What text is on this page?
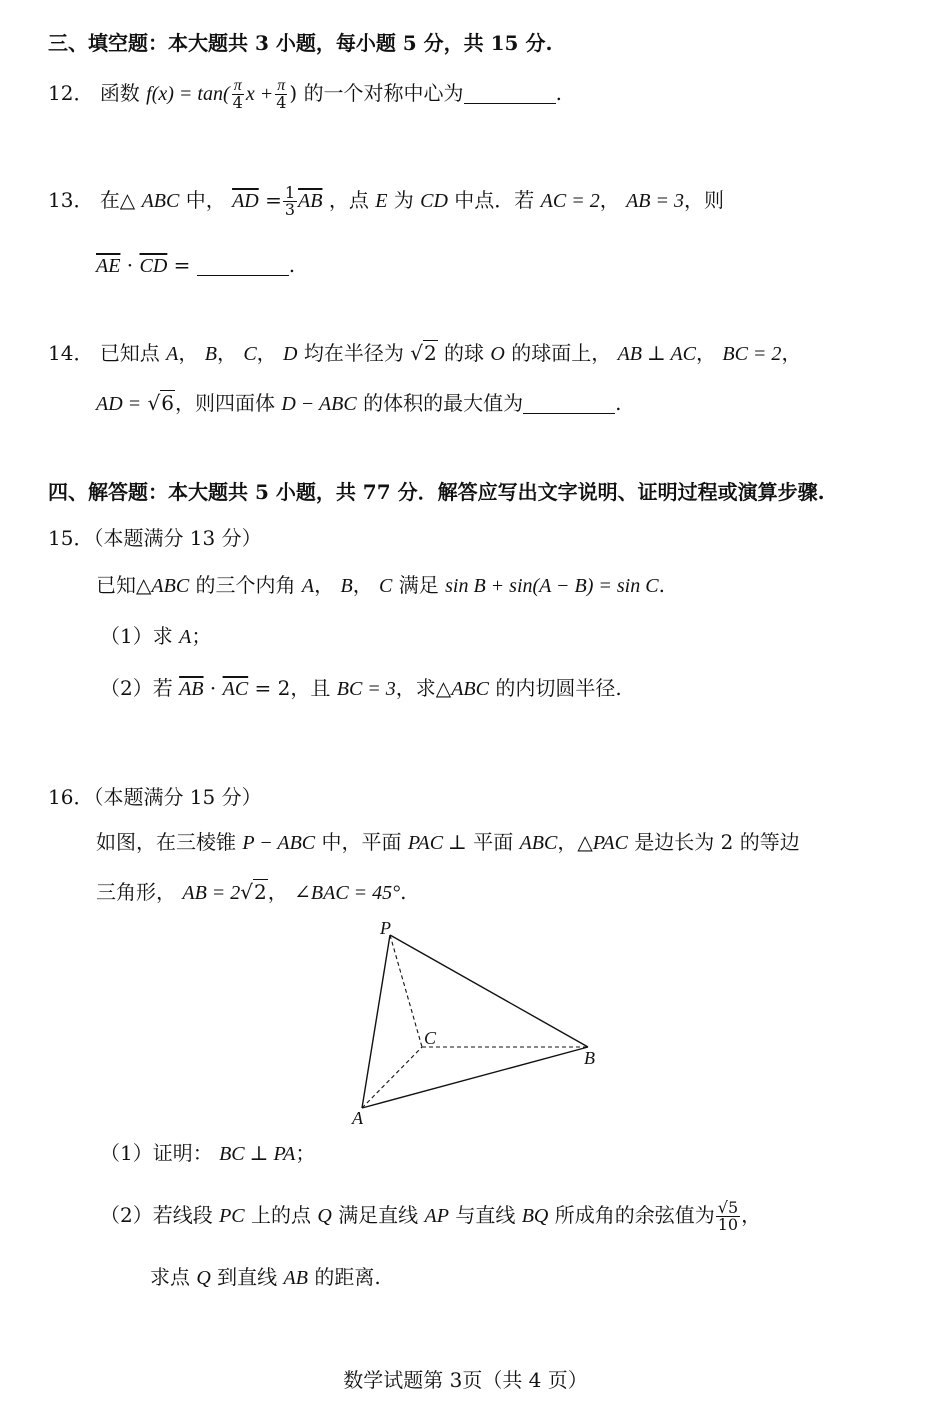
三、填空题：本大题共 3 小题，每小题 5 分，共 15 分.
12． 函数 $f(x) = \tan( \frac{\pi}{4}$ $x + \frac{\pi}{4}$ ) 的一个对称中心为	.
13． 在△ ABC 中， $\overline{AD} = \frac{1}{3} \overline{AB}$ ，点 E 为 CD 中点．若 AC = 2， AB = 3，则
$\overline{AE} \cdot \overline{CD}$ =	.
14． 已知点 A， B， C， D 均在半径为 √2 的球 O 的球面上， AB ⊥ AC， BC = 2，
AD = √6，则四面体 D − ABC 的体积的最大值为	.
四、解答题：本大题共 5 小题，共 77 分．解答应写出文字说明、证明过程或演算步骤.
15．（本题满分 13 分）
已知△ABC 的三个内角 A， B， C 满足 sin B + sin(A − B) = sin C.
（1）求 A；
（2）若 $\overline{AB} \cdot \overline{AC} = 2$，且 BC = 3，求△ABC 的内切圆半径.
16．（本题满分 15 分）
如图，在三棱锥 P − ABC 中，平面 PAC ⊥ 平面 ABC，△PAC 是边长为 2 的等边
三角形， AB = 2√2， ∠BAC = 45°.
P
C
B
A
（1）证明： BC ⊥ PA；
（2）若线段 PC 上的点 Q 满足直线 AP 与直线 BQ 所成角的余弦值为 $\frac{√5}{10}$ ，
求点 Q 到直线 AB 的距离.
数学试题第 3页（共 4 页）
